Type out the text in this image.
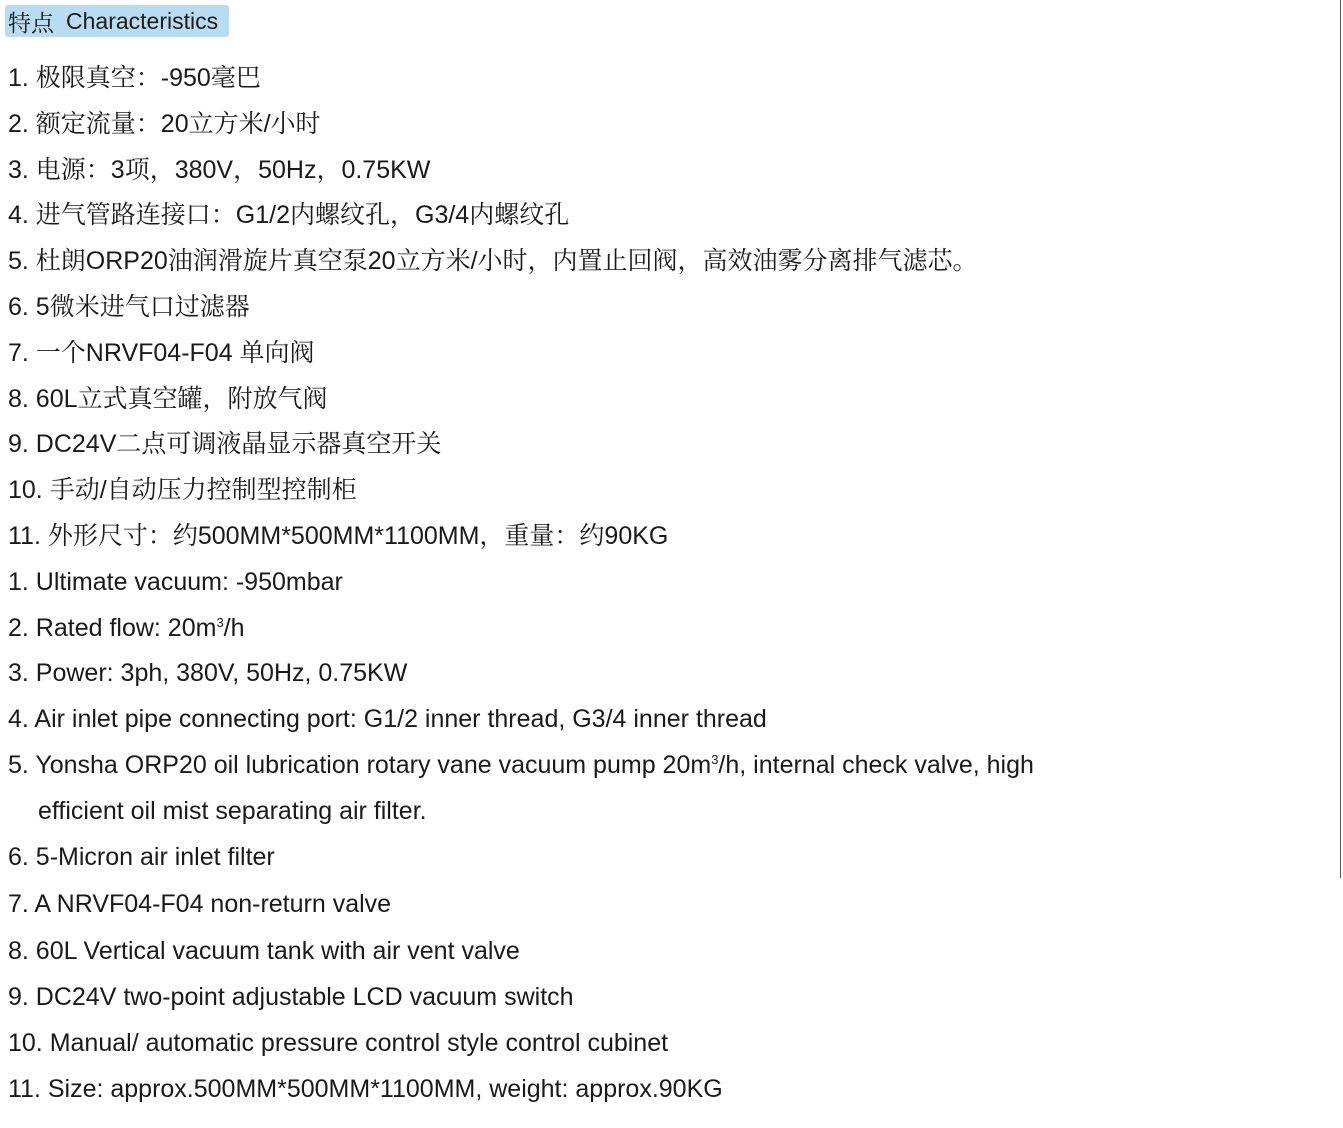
特点 Characteristics
1. 极限真空：-950毫巴
2. 额定流量：20立方米/小时
3. 电源：3项，380V，50Hz，0.75KW
4. 进气管路连接口：G1/2内螺纹孔，G3/4内螺纹孔
5. 杜朗ORP20油润滑旋片真空泵20立方米/小时，内置止回阀，高效油雾分离排气滤芯。
6. 5微米进气口过滤器
7. 一个NRVF04-F04 单向阀
8. 60L立式真空罐，附放气阀
9. DC24V二点可调液晶显示器真空开关
10. 手动/自动压力控制型控制柜
11. 外形尺寸：约500MM*500MM*1100MM，重量：约90KG
1. Ultimate vacuum: -950mbar
2. Rated flow: $20m^3/h$
3. Power: 3ph, 380V, 50Hz, 0.75KW
4. Air inlet pipe connecting port: G1/2 inner thread, G3/4 inner thread
5. Yonsha ORP20 oil lubrication rotary vane vacuum pump $20m^3/h$, internal check valve, high
efficient oil mist separating air filter.
6. 5-Micron air inlet filter
7. A NRVF04-F04 non-return valve
8. 60L Vertical vacuum tank with air vent valve
9. DC24V two-point adjustable LCD vacuum switch
10. Manual/ automatic pressure control style control cubinet
11. Size: approx.500MM*500MM*1100MM, weight: approx.90KG
